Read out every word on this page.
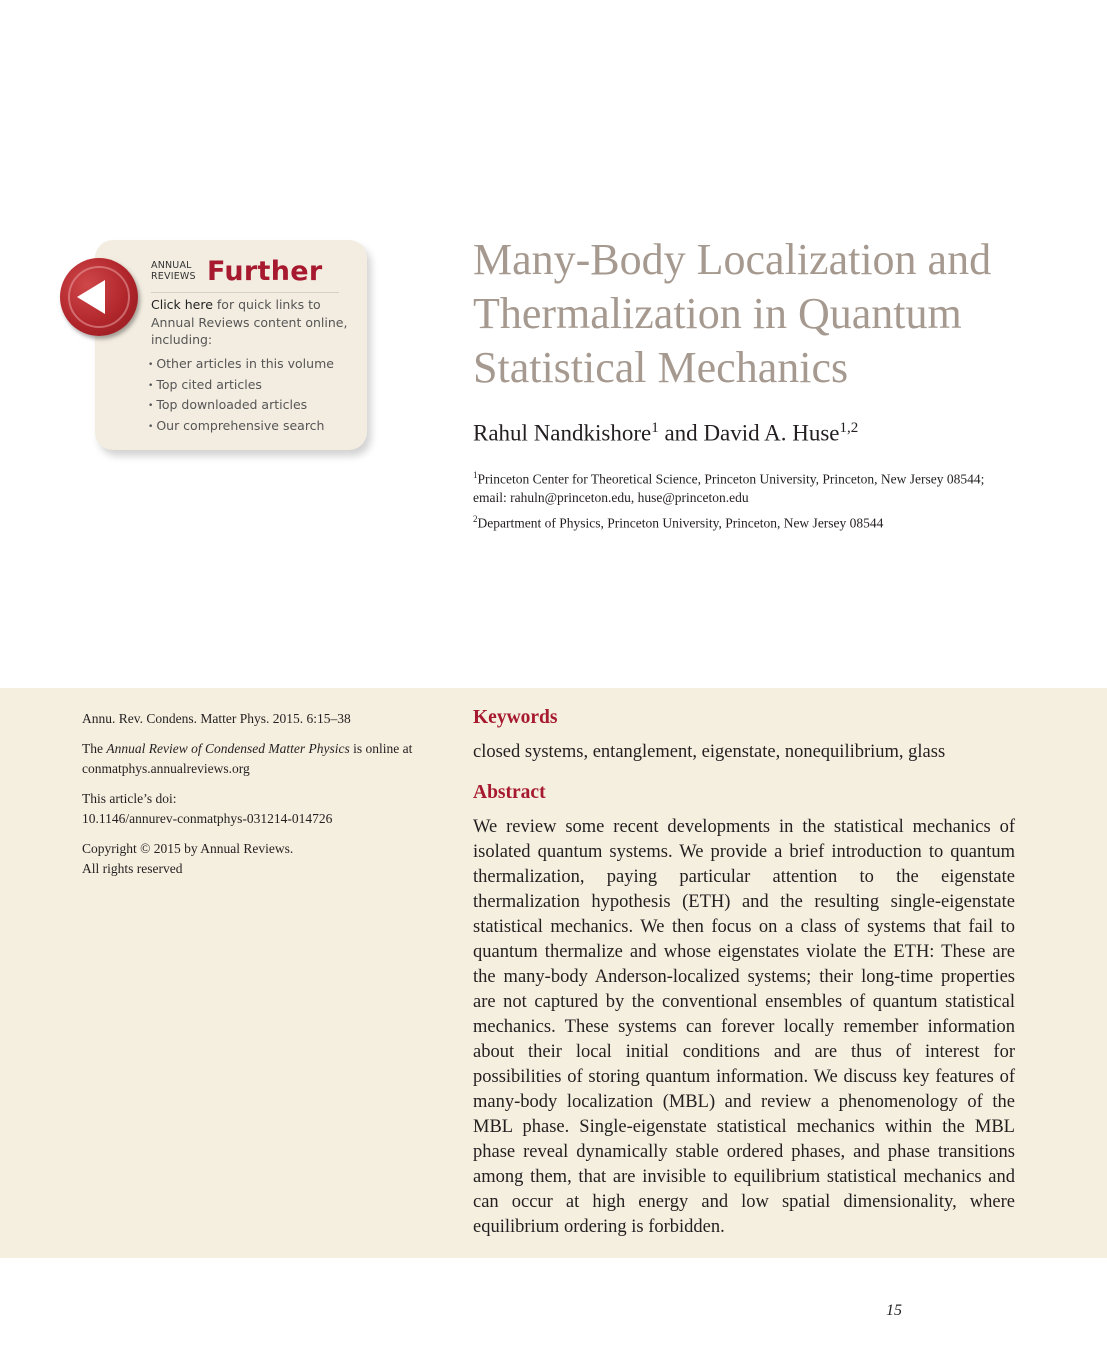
ANNUAL
REVIEWS Further
Click here for quick links to Annual Reviews content online, including:
• Other articles in this volume
• Top cited articles
• Top downloaded articles
• Our comprehensive search
Many-Body Localization and Thermalization in Quantum Statistical Mechanics
Rahul Nandkishore$^1$ and David A. Huse$^{1,2}$
$^1$Princeton Center for Theoretical Science, Princeton University, Princeton, New Jersey 08544; email: rahuln@princeton.edu, huse@princeton.edu
$^2$Department of Physics, Princeton University, Princeton, New Jersey 08544
Annu. Rev. Condens. Matter Phys. 2015. 6:15–38
The Annual Review of Condensed Matter Physics is online at conmatphys.annualreviews.org
This article’s doi:
10.1146/annurev-conmatphys-031214-014726
Copyright © 2015 by Annual Reviews.
All rights reserved
Keywords
closed systems, entanglement, eigenstate, nonequilibrium, glass
Abstract

We review some recent developments in the statistical mechanics of isolated quantum systems. We provide a brief introduction to quantum thermalization, paying particular attention to the eigenstate thermalization hypothesis (ETH) and the resulting single-eigenstate statistical mechanics. We then focus on a class of systems that fail to quantum thermalize and whose eigenstates violate the ETH: These are the many-body Anderson-localized systems; their long-time properties are not captured by the conventional ensembles of quantum statistical mechanics. These systems can forever locally remember information about their local initial conditions and are thus of interest for possibilities of storing quantum information. We discuss key features of many-body localization (MBL) and review a phenomenology of the MBL phase. Single-eigenstate statistical mechanics within the MBL phase reveal dynamically stable ordered phases, and phase transitions among them, that are invisible to equilibrium statistical mechanics and can occur at high energy and low spatial dimensionality, where equilibrium ordering is forbidden.

15
